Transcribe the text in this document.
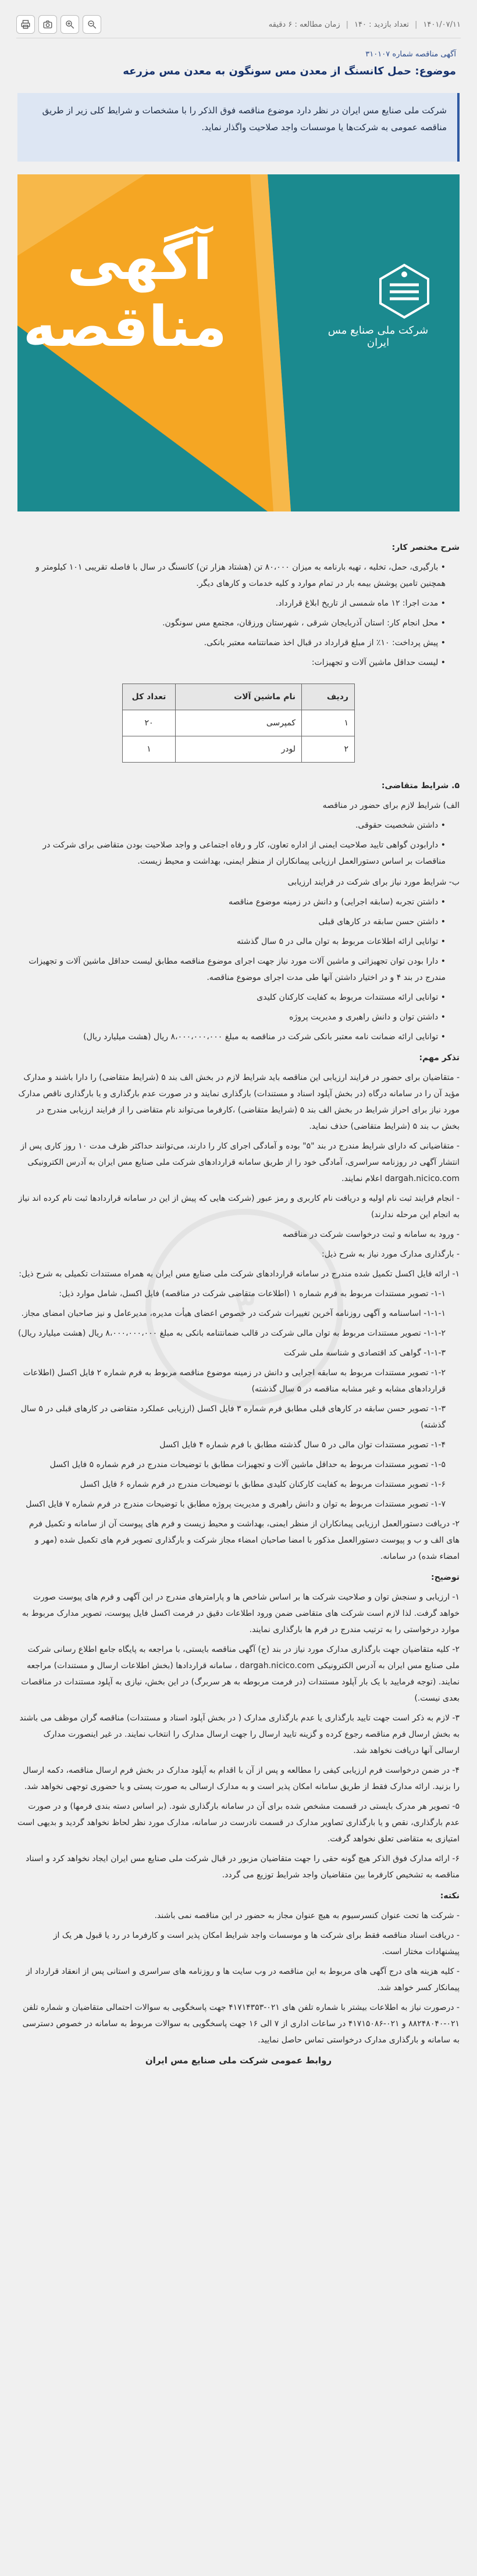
۱۴۰۱/۰۷/۱۱
|
تعداد بازدید : ۱۴۰
|
زمان مطالعه : ۶ دقیقه
آگهی مناقصه شماره ۳۱۰۱۰۷
موضوع: حمل کانسنگ از معدن مس سونگون به معدن مس مزرعه
شرکت ملی صنایع مس ایران در نظر دارد موضوع مناقصه فوق الذکر را با مشخصات و شرایط کلی زیر از طریق مناقصه عمومی به شرکت‌ها یا موسسات واجد صلاحیت واگذار نماید.
آگهی
مناقصه	شرکت ملی صنایع مس ایران

شرح مختصر کار:

• بارگیری، حمل، تخلیه ، تهیه بارنامه به میزان ۸۰،۰۰۰ تن (هشتاد هزار تن) کانسنگ در سال با فاصله تقریبی ۱۰۱ کیلومتر و همچنین تامین پوشش بیمه بار در تمام موارد و کلیه خدمات و کارهای دیگر.

• مدت اجرا: ۱۲ ماه شمسی از تاریخ ابلاغ قرارداد.

• محل انجام کار: استان آذربایجان شرقی ، شهرستان ورزقان، مجتمع مس سونگون.

• پیش پرداخت: ۱۰٪ از مبلغ قرارداد در قبال اخذ ضمانتنامه معتبر بانکی.

• لیست حداقل ماشین آلات و تجهیزات:

ردیف	نام ماشین آلات	تعداد کل
۱	کمپرسی	۲۰
۲	لودر	۱

۵. شرایط متقاضی:

الف) شرایط لازم برای حضور در مناقصه

• داشتن شخصیت حقوقی.

• دارابودن گواهی تایید صلاحیت ایمنی از اداره تعاون، کار و رفاه اجتماعی و واجد صلاحیت بودن متقاضی برای شرکت در مناقصات بر اساس دستورالعمل ارزیابی پیمانکاران از منظر ایمنی، بهداشت و محیط زیست.

ب- شرایط مورد نیاز برای شرکت در فرایند ارزیابی

• داشتن تجربه (سابقه اجرایی) و دانش در زمینه موضوع مناقصه

• داشتن حسن سابقه در کارهای قبلی

• توانایی ارائه اطلاعات مربوط به توان مالی در ۵ سال گذشته

• دارا بودن توان تجهیزاتی و ماشین آلات مورد نیاز جهت اجرای موضوع مناقصه مطابق لیست حداقل ماشین آلات و تجهیزات مندرج در بند ۴ و در اختیار داشتن آنها طی مدت اجرای موضوع مناقصه.

• توانایی ارائه مستندات مربوط به کفایت کارکنان کلیدی

• داشتن توان و دانش راهبری و مدیریت پروژه

• توانایی ارائه ضمانت نامه معتبر بانکی شرکت در مناقصه به مبلغ ۸،۰۰۰،۰۰۰،۰۰۰ ریال (هشت میلیارد ریال)

تذکر مهم:

- متقاضیان برای حضور در فرایند ارزیابی این مناقصه باید شرایط لازم در بخش الف بند ۵ (شرایط متقاضی) را دارا باشند و مدارک مؤید آن را در سامانه درگاه (در بخش آپلود اسناد و مستندات) بارگذاری نمایند و در صورت عدم بارگذاری و یا بارگذاری ناقص مدارک مورد نیاز برای احراز شرایط در بخش الف بند ۵ (شرایط متقاضی) ،کارفرما می‌تواند نام متقاضی را از فرایند ارزیابی مندرج در بخش ب بند ۵ (شرایط متقاضی) حذف نماید.

- متقاضیانی که دارای شرایط مندرج در بند "۵" بوده و آمادگی اجرای کار را دارند، می‌توانند حداکثر ظرف مدت ۱۰ روز کاری پس از انتشار آگهی در روزنامه سراسری، آمادگی خود را از طریق سامانه قراردادهای شرکت ملی صنایع مس ایران به آدرس الکترونیکی dargah.nicico.com اعلام نمایند.

- انجام فرایند ثبت نام اولیه و دریافت نام کاربری و رمز عبور (شرکت هایی که پیش از این در سامانه قراردادها ثبت نام کرده اند نیاز به انجام این مرحله ندارند)

- ورود به سامانه و ثبت درخواست شرکت در مناقصه

- بارگذاری مدارک مورد نیاز به شرح ذیل:

۱- ارائه فایل اکسل تکمیل شده مندرج در سامانه قراردادهای شرکت ملی صنایع مس ایران به همراه مستندات تکمیلی به شرح ذیل:

۱-۱- تصویر مستندات مربوط به فرم شماره ۱ (اطلاعات متقاضی شرکت در مناقصه) فایل اکسل، شامل موارد ذیل:

۱-۱-۱- اساسنامه و آگهی روزنامه آخرین تغییرات شرکت در خصوص اعضای هیأت مدیره، مدیرعامل و نیز صاحبان امضای مجاز.

۱-۱-۲- تصویر مستندات مربوط به توان مالی شرکت در قالب ضمانتنامه بانکی به مبلغ ۸،۰۰۰،۰۰۰،۰۰۰ ریال (هشت میلیارد ریال)

۱-۱-۳- گواهی کد اقتصادی و شناسه ملی شرکت

۱-۲- تصویر مستندات مربوط به سابقه اجرایی و دانش در زمینه موضوع مناقصه مربوط به فرم شماره ۲ فایل اکسل (اطلاعات قراردادهای مشابه و غیر مشابه مناقصه در ۵ سال گذشته)

۱-۳- تصویر حسن سابقه در کارهای قبلی مطابق فرم شماره ۳ فایل اکسل (ارزیابی عملکرد متقاضی در کارهای قبلی در ۵ سال گذشته)

۱-۴- تصویر مستندات توان مالی در ۵ سال گذشته مطابق با فرم شماره ۴ فایل اکسل

۱-۵- تصویر مستندات مربوط به حداقل ماشین آلات و تجهیزات مطابق با توضیحات مندرج در فرم شماره ۵ فایل اکسل

۱-۶- تصویر مستندات مربوط به کفایت کارکنان کلیدی مطابق با توضیحات مندرج در فرم شماره ۶ فایل اکسل

۱-۷- تصویر مستندات مربوط به توان و دانش راهبری و مدیریت پروژه مطابق با توضیحات مندرج در فرم شماره ۷ فایل اکسل

۲- دریافت دستورالعمل ارزیابی پیمانکاران از منظر ایمنی، بهداشت و محیط زیست و فرم های پیوست آن از سامانه و تکمیل فرم های الف و ب و پیوست دستورالعمل مذکور با امضا صاحبان امضاء مجاز شرکت و بارگذاری تصویر فرم های تکمیل شده (مهر و امضاء شده) در سامانه.

توضیح:

۱- ارزیابی و سنجش توان و صلاحیت شرکت ها بر اساس شاخص ها و پارامترهای مندرج در این آگهی و فرم های پیوست صورت خواهد گرفت. لذا لازم است شرکت های متقاضی ضمن ورود اطلاعات دقیق در فرمت اکسل فایل پیوست، تصویر مدارک مربوط به موارد درخواستی را به ترتیب مندرج در فرم ها بارگذاری نمایند.

۲- کلیه متقاضیان جهت بارگذاری مدارک مورد نیاز در بند (ج) آگهی مناقصه بایستی، با مراجعه به پایگاه جامع اطلاع رسانی شرکت ملی صنایع مس ایران به آدرس الکترونیکی dargah.nicico.com ، سامانه قراردادها (بخش اطلاعات ارسال و مستندات) مراجعه نمایند. (توجه فرمایید با یک بار آپلود مستندات (در فرمت مربوطه به هر سربرگ) در این بخش، نیازی به آپلود مستندات در مناقصات بعدی نیست.)

۳- لازم به ذکر است جهت تایید بارگذاری یا عدم بارگذاری مدارک ( در بخش آپلود اسناد و مستندات) مناقصه گران موظف می باشند به بخش ارسال فرم مناقصه رجوع کرده و گزینه تایید ارسال را جهت ارسال مدارک را انتخاب نمایند. در غیر اینصورت مدارک ارسالی آنها دریافت نخواهد شد.

۴- در ضمن درخواست فرم ارزیابی کیفی را مطالعه و پس از آن با اقدام به آپلود مدارک در بخش فرم ارسال مناقصه، دکمه ارسال را بزنید. ارائه مدارک فقط از طریق سامانه امکان پذیر است و به مدارک ارسالی به صورت پستی و یا حضوری توجهی نخواهد شد.

۵- تصویر هر مدرک بایستی در قسمت مشخص شده برای آن در سامانه بارگذاری شود. (بر اساس دسته بندی فرمها) و در صورت عدم بارگذاری، نقص و یا بارگذاری تصاویر مدارک در قسمت نادرست در سامانه، مدارک مورد نظر لحاظ نخواهد گردید و بدیهی است امتیازی به متقاضی تعلق نخواهد گرفت.

۶- ارائه مدارک فوق الذکر هیچ گونه حقی را جهت متقاضیان مزبور در قبال شرکت ملی صنایع مس ایران ایجاد نخواهد کرد و اسناد مناقصه به تشخیص کارفرما بین متقاضیان واجد شرایط توزیع می گردد.

نکته:

- شرکت ها تحت عنوان کنسرسیوم به هیچ عنوان مجاز به حضور در این مناقصه نمی باشند.

- دریافت اسناد مناقصه فقط برای شرکت ها و موسسات واجد شرایط امکان پذیر است و کارفرما در رد یا قبول هر یک از پیشنهادات مختار است.

- کلیه هزینه های درج آگهی های مربوط به این مناقصه در وب سایت ها و روزنامه های سراسری و استانی پس از انعقاد قرارداد از پیمانکار کسر خواهد شد.

- درصورت نیاز به اطلاعات بیشتر با شماره تلفن های ۰۲۱-۴۱۷۱۴۳۵۳ جهت پاسخگویی به سوالات احتمالی متقاضیان و شماره تلفن ۰۲۱-۸۸۲۴۸۰۴۰ و ۰۲۱-۴۱۷۱۵۰۸۶ در ساعات اداری از ۷ الی ۱۶ جهت پاسخگویی به سوالات مربوط به سامانه در خصوص دسترسی به سامانه و بارگذاری مدارک درخواستی تماس حاصل نمایید.

روابط عمومی شرکت ملی صنایع مس ایران

۳
